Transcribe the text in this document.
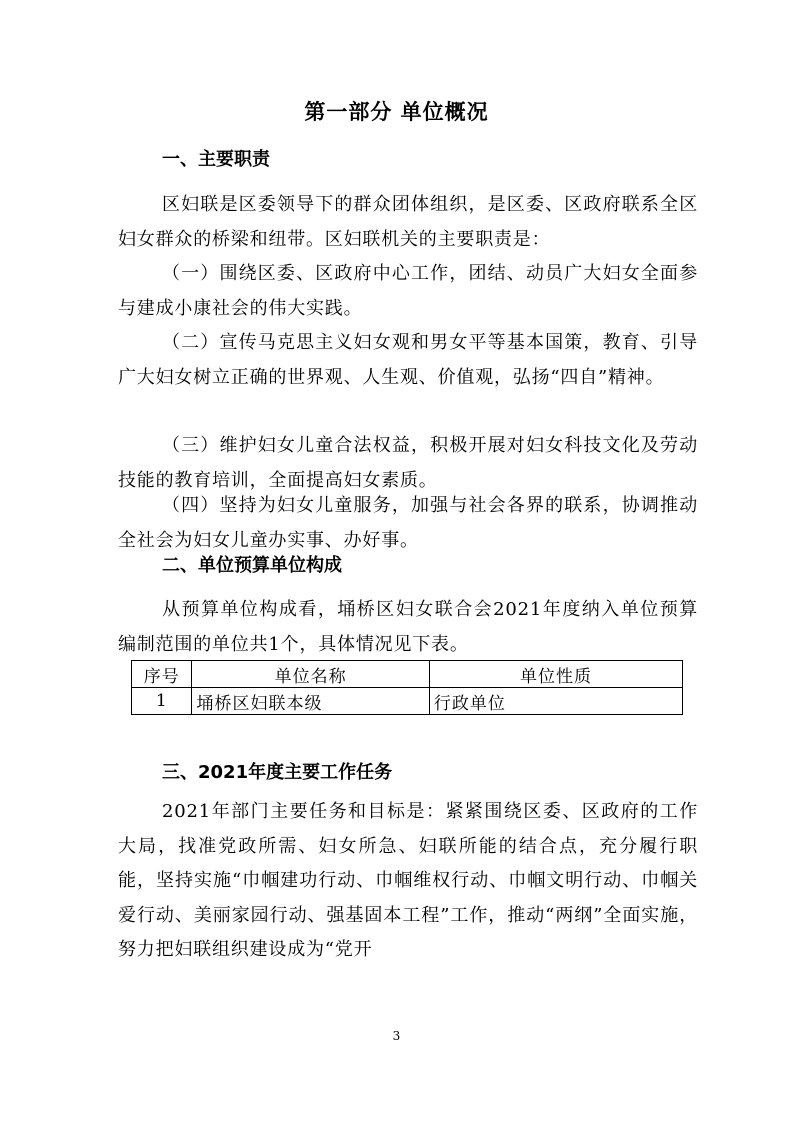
第一部分 单位概况
一、主要职责
区妇联是区委领导下的群众团体组织，是区委、区政府联系全区妇女群众的桥梁和纽带。区妇联机关的主要职责是：
（一）围绕区委、区政府中心工作，团结、动员广大妇女全面参与建成小康社会的伟大实践。
（二）宣传马克思主义妇女观和男女平等基本国策，教育、引导广大妇女树立正确的世界观、人生观、价值观，弘扬“四自”精神。
（三）维护妇女儿童合法权益，积极开展对妇女科技文化及劳动技能的教育培训，全面提高妇女素质。
（四）坚持为妇女儿童服务，加强与社会各界的联系，协调推动全社会为妇女儿童办实事、办好事。
二、单位预算单位构成
从预算单位构成看，埇桥区妇女联合会2021年度纳入单位预算编制范围的单位共1个，具体情况见下表。
序号	单位名称	单位性质
1	埇桥区妇联本级	行政单位
三、2021年度主要工作任务
2021年部门主要任务和目标是：紧紧围绕区委、区政府的工作大局，找准党政所需、妇女所急、妇联所能的结合点，充分履行职能，坚持实施“巾帼建功行动、巾帼维权行动、巾帼文明行动、巾帼关爱行动、美丽家园行动、强基固本工程”工作，推动“两纲”全面实施，努力把妇联组织建设成为“党开
3
